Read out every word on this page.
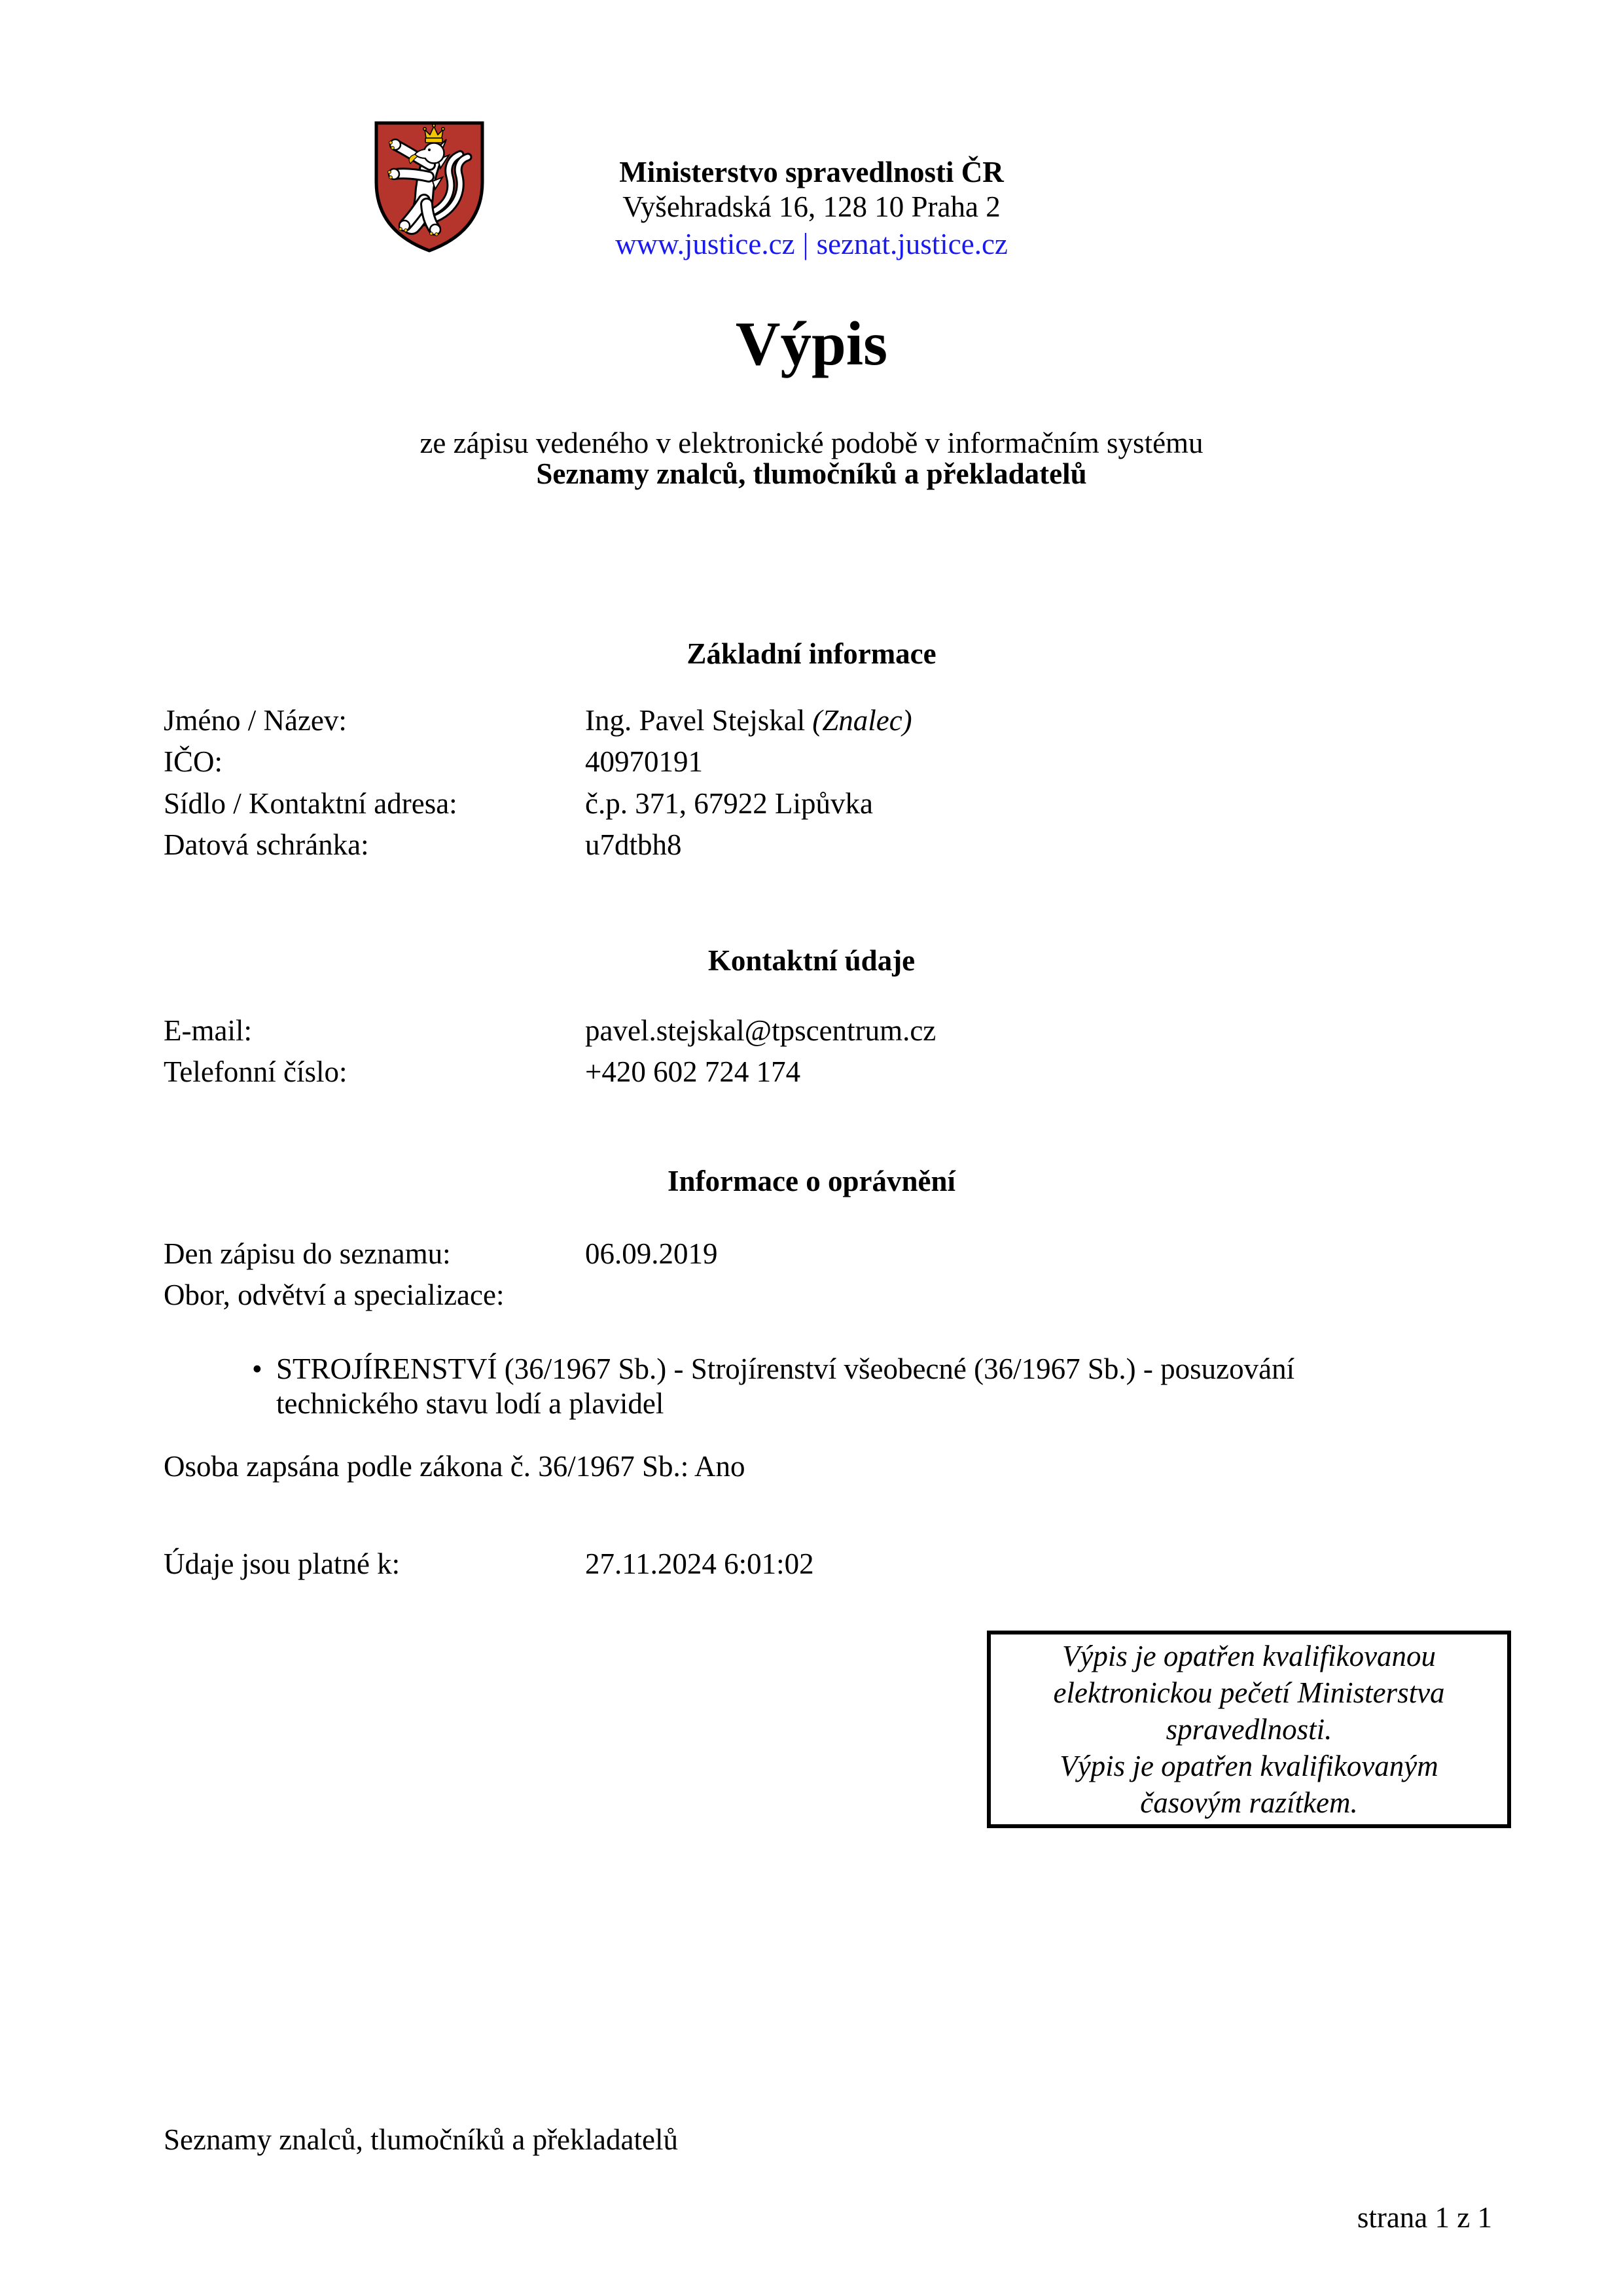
Ministerstvo spravedlnosti ČR
Vyšehradská 16, 128 10 Praha 2
www.justice.cz | seznat.justice.cz
Výpis
ze zápisu vedeného v elektronické podobě v informačním systému
Seznamy znalců, tlumočníků a překladatelů
Základní informace
Jméno / Název:	Ing. Pavel Stejskal (Znalec)
IČO:	40970191
Sídlo / Kontaktní adresa:	č.p. 371, 67922 Lipůvka
Datová schránka:	u7dtbh8
Kontaktní údaje
E-mail:	pavel.stejskal@tpscentrum.cz
Telefonní číslo:	+420 602 724 174
Informace o oprávnění
Den zápisu do seznamu:	06.09.2019
Obor, odvětví a specializace:
• STROJÍRENSTVÍ (36/1967 Sb.) - Strojírenství všeobecné (36/1967 Sb.) - posuzování technického stavu lodí a plavidel
Osoba zapsána podle zákona č. 36/1967 Sb.: Ano
Údaje jsou platné k:	27.11.2024 6:01:02

Výpis je opatřen kvalifikovanou elektronickou pečetí Ministerstva spravedlnosti.

Výpis je opatřen kvalifikovaným časovým razítkem.

Seznamy znalců, tlumočníků a překladatelů
strana 1 z 1
